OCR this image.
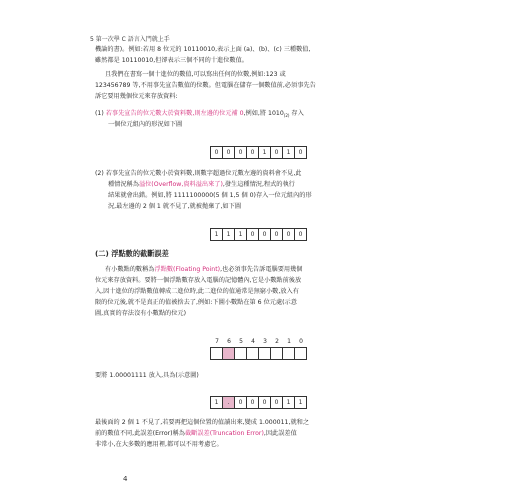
5 第一次學 C 語言入門就上手
機論的書)。例如:若用 8 位元的 10110010,表示上面 (a)、(b)、(c) 三種數值,
雖然都是 10110010,但卻表示三個不同的十進位數值。
且我們在書寫一個十進位的數值,可以寫出任何的位數,例如:123 或
123456789 等,不用事先宣告數值的位數。但電腦在儲存一個數值前,必須事先告
訴它要用幾個位元來存放資料:
(1) 若事先宣告的位元數大於資料數,則左邊的位元補 0,例如,將 $1010_{(2)}$ 存入
一個位元組內的形況如下圖
0	0	0	0	1	0	1	0
(2) 若事先宣告的位元數小於資料數,則數字超過位元數左邊的資料會不見,此
種情況稱為溢位(Overflow,資料溢出來了),發生這種情況,程式的執行
結果就會出錯。例如,將 1111100000(5 個 1,5 個 0)存入一位元組內的形
況,最左邊的 2 個 1 就不見了,就被拋棄了,如下圖
1	1	1	0	0	0	0	0
(二) 浮點數的截斷誤差
有小數點的數稱為浮點數(Floating Point),也必須事先告訴電腦要用幾個
位元來存放資料。要將一個浮點數存放入電腦的記憶體內,它是小數點前後放
入,因十進位的浮點數值轉成二進位時,此二進位的值通常是無窮小數,放入有
限的位元後,就不是真正的值被捨去了,例如:下圖小數點在第 6 位元處(示意
圖,真實的存法沒有小數點的位元)
7	6	5	4	3	2	1	0
要將 1.00001111 放入,具為(示意圖)
1	.	0	0	0	0	1	1
最後面的 2 個 1 不見了,若要再把這個位置的值讀出來,變成 1.000011,就和之
前的數值不同,此誤差(Error)稱為截斷誤差(Truncation Error),因此誤差值
非常小,在大多數的應用裡,都可以不用考慮它。
4
